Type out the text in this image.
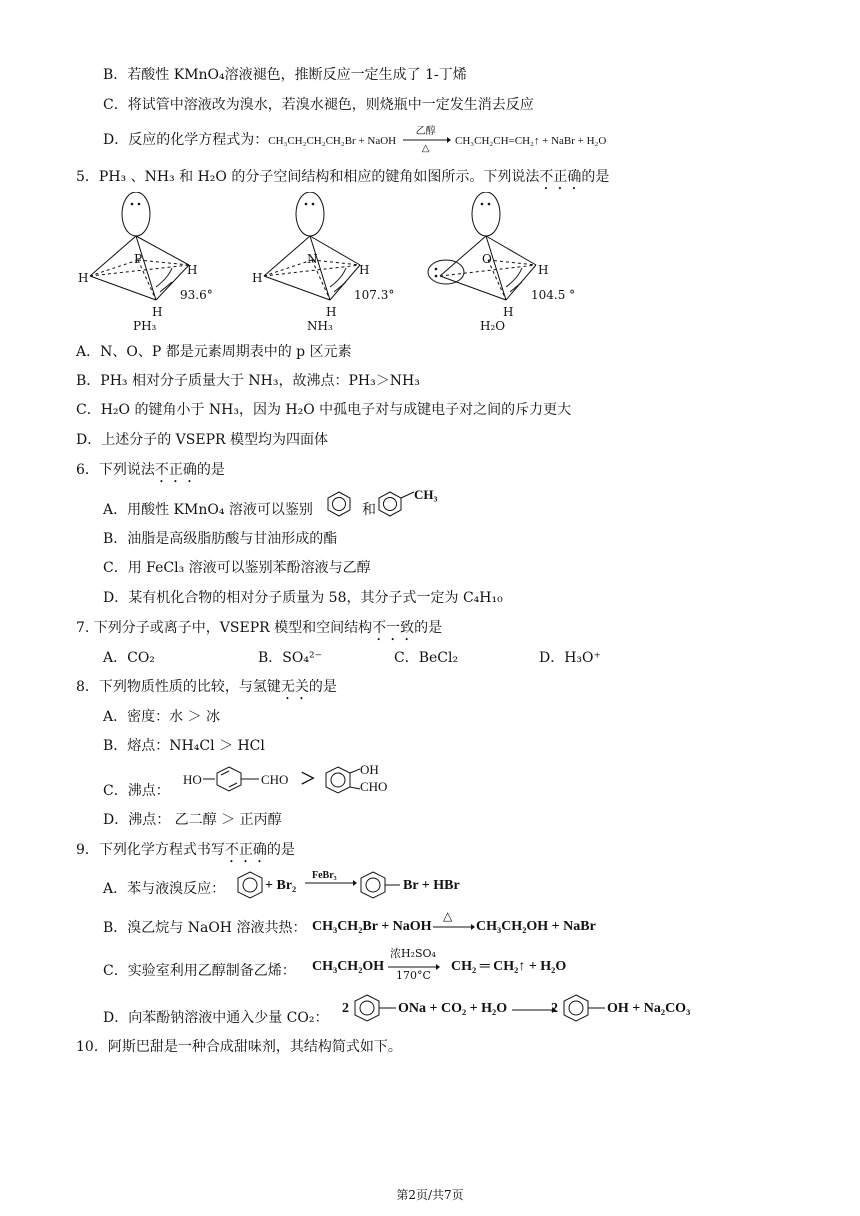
B．若酸性 KMnO₄溶液褪色，推断反应一定生成了 1-丁烯
C．将试管中溶液改为溴水，若溴水褪色，则烧瓶中一定发生消去反应
D．反应的化学方程式为：CH₃CH₂CH₂CH₂Br + NaOH
乙醇
△
CH₃CH₂CH=CH₂↑ + NaBr + H₂O
5．PH₃ 、NH₃ 和 H₂O 的分子空间结构和相应的键角如图所示。下列说法不正确的是
P
H
H
H
93.6°
PH₃
N
H
H
H
107.3°
NH₃
O
H
H
104.5 °
H₂O
A．N、O、P 都是元素周期表中的 p 区元素
B．PH₃ 相对分子质量大于 NH₃，故沸点：PH₃＞NH₃
C．H₂O 的键角小于 NH₃，因为 H₂O 中孤电子对与成键电子对之间的斥力更大
D．上述分子的 VSEPR 模型均为四面体
6．下列说法不正确的是
A．用酸性 KMnO₄ 溶液可以鉴别	和
CH₃
B．油脂是高级脂肪酸与甘油形成的酯
C．用 FeCl₃ 溶液可以鉴别苯酚溶液与乙醇
D．某有机化合物的相对分子质量为 58，其分子式一定为 C₄H₁₀
7. 下列分子或离子中，VSEPR 模型和空间结构不一致的是
A．CO₂	B．SO₄²⁻	C．BeCl₂	D．H₃O⁺
8．下列物质性质的比较，与氢键无关的是
A．密度：水 ＞ 冰
B．熔点：NH₄Cl ＞ HCl
C．沸点：
HO	CHO ＞
OH
CHO
D．沸点： 乙二醇 ＞ 正丙醇
9．下列化学方程式书写不正确的是
A．苯与液溴反应：	+ Br₂
FeBr₃
Br + HBr
B．溴乙烷与 NaOH 溶液共热： CH₃CH₂Br + NaOH
△
→ CH₃CH₂OH + NaBr
C．实验室利用乙醇制备乙烯： CH₃CH₂OH
浓H₂SO₄
170°C
CH₂ ═ CH₂↑ + H₂O
D．向苯酚钠溶液中通入少量 CO₂：
2	ONa + CO₂ + H₂O →
2	OH + Na₂CO₃
10．阿斯巴甜是一种合成甜味剂，其结构简式如下。
第2页/共7页
